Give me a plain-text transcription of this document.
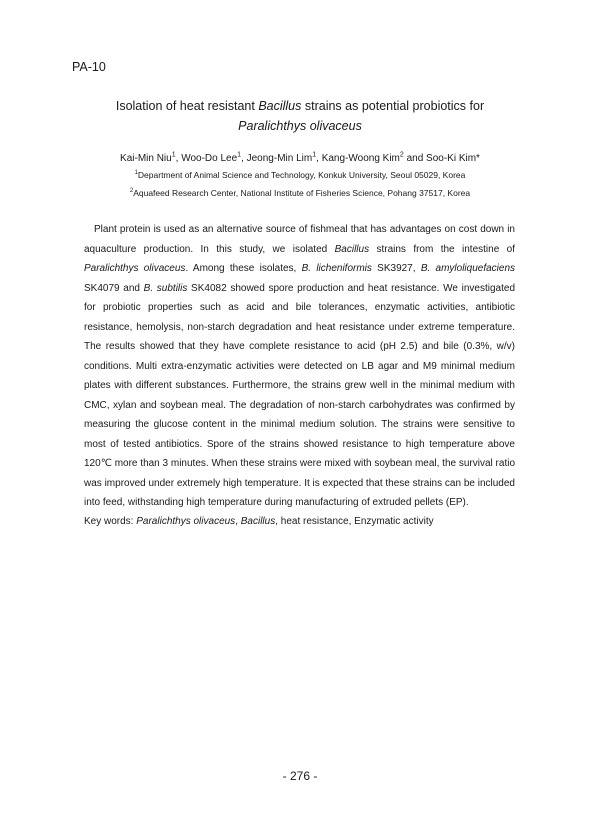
PA-10
Isolation of heat resistant Bacillus strains as potential probiotics for
Paralichthys olivaceus
Kai-Min Niu$^1$, Woo-Do Lee$^1$, Jeong-Min Lim$^1$, Kang-Woong Kim$^2$ and Soo-Ki Kim*
$^1$Department of Animal Science and Technology, Konkuk University, Seoul 05029, Korea
$^2$Aquafeed Research Center, National Institute of Fisheries Science, Pohang 37517, Korea

Plant protein is used as an alternative source of fishmeal that has advantages on cost down in aquaculture production. In this study, we isolated Bacillus strains from the intestine of Paralichthys olivaceus. Among these isolates, B. licheniformis SK3927, B. amyloliquefaciens SK4079 and B. subtilis SK4082 showed spore production and heat resistance. We investigated for probiotic properties such as acid and bile tolerances, enzymatic activities, antibiotic resistance, hemolysis, non-starch degradation and heat resistance under extreme temperature. The results showed that they have complete resistance to acid (pH 2.5) and bile (0.3%, w/v) conditions. Multi extra-enzymatic activities were detected on LB agar and M9 minimal medium plates with different substances. Furthermore, the strains grew well in the minimal medium with CMC, xylan and soybean meal. The degradation of non-starch carbohydrates was confirmed by measuring the glucose content in the minimal medium solution. The strains were sensitive to most of tested antibiotics. Spore of the strains showed resistance to high temperature above 120℃ more than 3 minutes. When these strains were mixed with soybean meal, the survival ratio was improved under extremely high temperature. It is expected that these strains can be included into feed, withstanding high temperature during manufacturing of extruded pellets (EP).

Key words: Paralichthys olivaceus, Bacillus, heat resistance, Enzymatic activity
- 276 -
